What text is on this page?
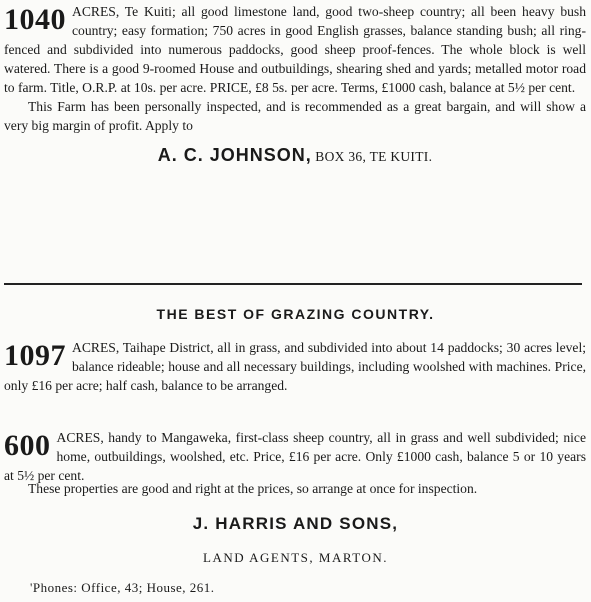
1040 ACRES, Te Kuiti; all good limestone land, good two-sheep country; all been heavy bush country; easy formation; 750 acres in good English grasses, balance standing bush; all ring-fenced and subdivided into numerous paddocks, good sheep proof-fences. The whole block is well watered. There is a good 9-roomed House and outbuildings, shearing shed and yards; metalled motor road to farm. Title, O.R.P. at 10s. per acre. PRICE, £8 5s. per acre. Terms, £1000 cash, balance at 5½ per cent.
This Farm has been personally inspected, and is recommended as a great bargain, and will show a very big margin of profit. Apply to
A. C. JOHNSON, BOX 36, TE KUITI.
THE BEST OF GRAZING COUNTRY.
1097 ACRES, Taihape District, all in grass, and subdivided into about 14 paddocks; 30 acres level; balance rideable; house and all necessary buildings, including woolshed with machines. Price, only £16 per acre; half cash, balance to be arranged.
600 ACRES, handy to Mangaweka, first-class sheep country, all in grass and well subdivided; nice home, outbuildings, woolshed, etc. Price, £16 per acre. Only £1000 cash, balance 5 or 10 years at 5½ per cent.
These properties are good and right at the prices, so arrange at once for inspection.
J. HARRIS AND SONS,
LAND AGENTS, MARTON.
'Phones: Office, 43; House, 261.
